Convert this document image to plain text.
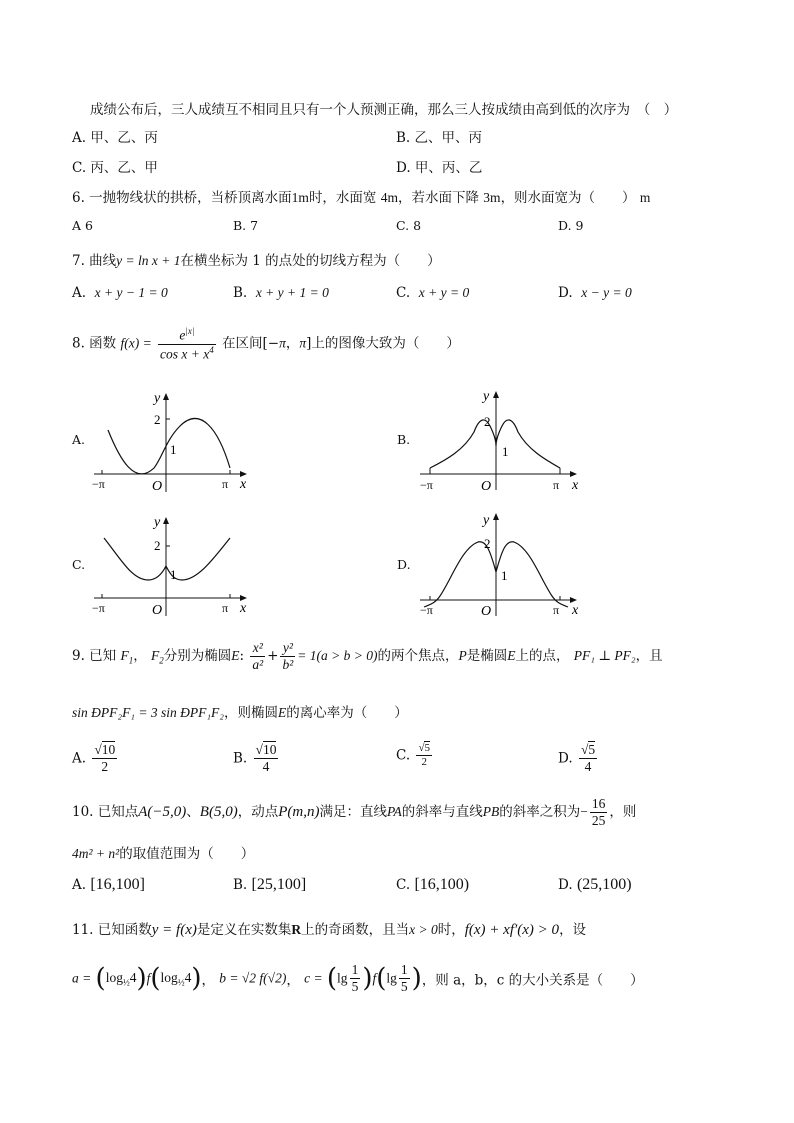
成绩公布后，三人成绩互不相同且只有一个人预测正确，那么三人按成绩由高到低的次序为　（　）
A. 甲、乙、丙	B. 乙、甲、丙
C. 丙、乙、甲	D. 甲、丙、乙
6. 一抛物线状的拱桥，当桥顶离水面1m时，水面宽 4m，若水面下降 3m，则水面宽为（　　） m
A 6	B. 7	C. 8	D. 9
7. 曲线y = ln x + 1在横坐标为 1 的点处的切线方程为（　　）
A. x + y − 1 = 0	B. x + y + 1 = 0	C. x + y = 0	D. x − y = 0
8. 函数 $f(x) = \frac{e^{|x|}}{\cos x + x^4}$ 在区间[−π，π]上的图像大致为（　　）
A.	B.
C.	D.
y
2
1
−π	O	π x
y
2
1
−π	O	π x
y
2
1
−π	O	π x
y
2
1
−π	O	π x
9. 已知 $F_1$， $F_2$分别为椭圆E: $\frac{\text{x²}}{\text{a²}} + \frac{\text{y²}}{\text{b²}} = 1(a > b > 0)$的两个焦点，P是椭圆E上的点， PF₁ ⊥ PF₂，且
sin ĐPF₂F₁ = 3 sin ĐPF₁F₂，则椭圆E的离心率为（　　）
A. $\frac{√10}{2}$	B. $\frac{√10}{4}$	C. $\frac{√5}{2}$	D. $\frac{√5}{4}$
10. 已知点A(−5,0)、B(5,0)，动点P(m,n)满足：直线PA的斜率与直线PB的斜率之积为− $\frac{16}{25}$ ，则
4m² + n²的取值范围为（　　）
A. [16,100]	B. [25,100]	C. [16,100)	D. (25,100)
11. 已知函数y = f(x)是定义在实数集R上的奇函数，且当x > 0时，f(x) + xf′(x) > 0，设
$a = (\log_{\frac{1}{2}}4)f(\log_{\frac{1}{2}}4)$， b = √2 f(√2)， $c = (\lg \frac{1}{5} )f(\lg \frac{1}{5}$ )，则 a，b，c 的大小关系是（　　）
